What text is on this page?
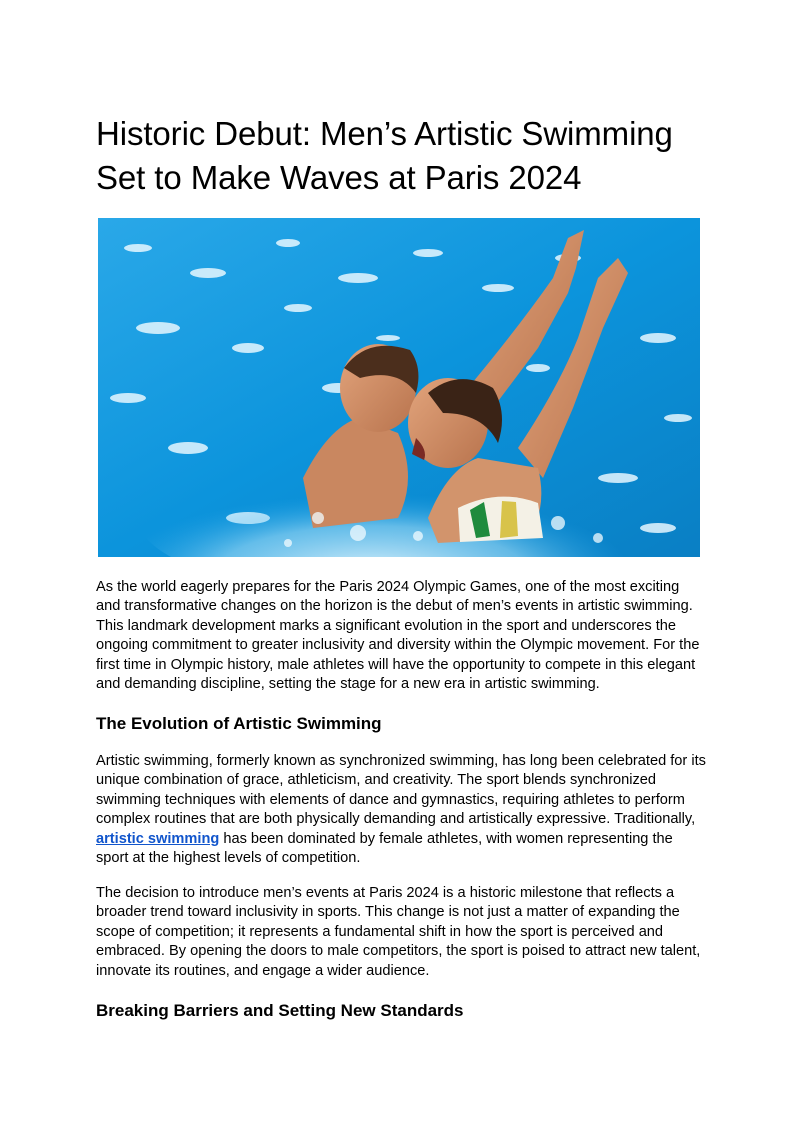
Historic Debut: Men’s Artistic Swimming Set to Make Waves at Paris 2024

As the world eagerly prepares for the Paris 2024 Olympic Games, one of the most exciting and transformative changes on the horizon is the debut of men’s events in artistic swimming. This landmark development marks a significant evolution in the sport and underscores the ongoing commitment to greater inclusivity and diversity within the Olympic movement. For the first time in Olympic history, male athletes will have the opportunity to compete in this elegant and demanding discipline, setting the stage for a new era in artistic swimming.

The Evolution of Artistic Swimming

Artistic swimming, formerly known as synchronized swimming, has long been celebrated for its unique combination of grace, athleticism, and creativity. The sport blends synchronized swimming techniques with elements of dance and gymnastics, requiring athletes to perform complex routines that are both physically demanding and artistically expressive. Traditionally, artistic swimming has been dominated by female athletes, with women representing the sport at the highest levels of competition.

The decision to introduce men’s events at Paris 2024 is a historic milestone that reflects a broader trend toward inclusivity in sports. This change is not just a matter of expanding the scope of competition; it represents a fundamental shift in how the sport is perceived and embraced. By opening the doors to male competitors, the sport is poised to attract new talent, innovate its routines, and engage a wider audience.

Breaking Barriers and Setting New Standards
